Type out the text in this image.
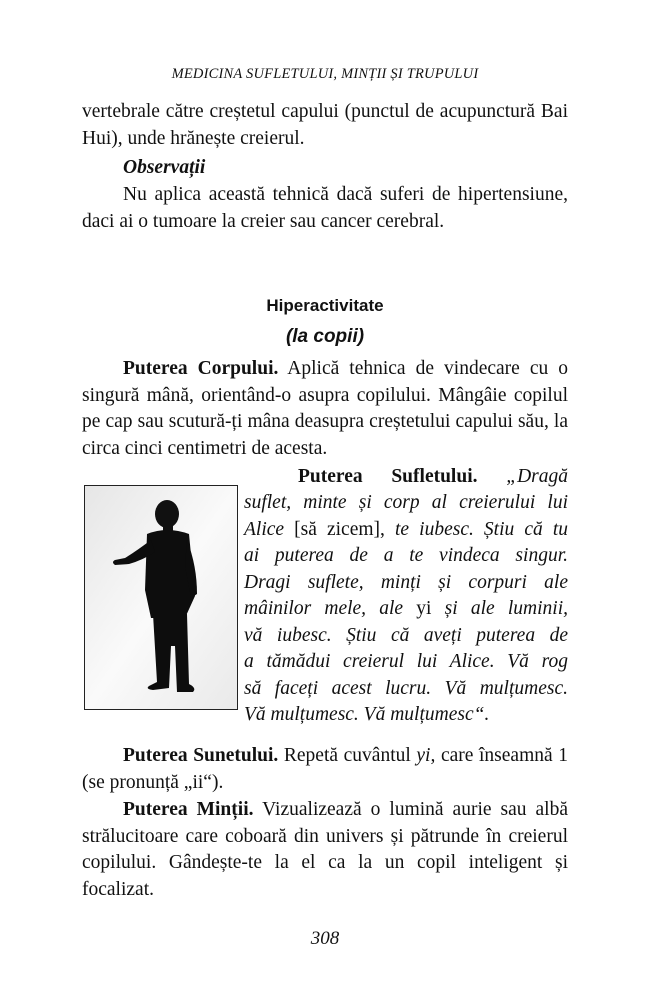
MEDICINA SUFLETULUI, MINȚII ȘI TRUPULUI

vertebrale către creștetul capului (punctul de acupunctură Bai Hui), unde hrănește creierul.

Observații

Nu aplica această tehnică dacă suferi de hipertensiune, daci ai o tumoare la creier sau cancer cerebral.

Hiperactivitate
(la copii)

Puterea Corpului. Aplică tehnica de vindecare cu o singură mână, orientând-o asupra copilului. Mângâie copilul pe cap sau scutură-ți mâna deasupra creștetului capului său, la circa cinci centimetri de acesta.

Puterea Sufletului. „Dragă
suflet, minte și corp al creierului lui
Alice [să zicem], te iubesc. Știu că tu
ai puterea de a te vindeca singur.
Dragi suflete, minți și corpuri ale
mâinilor mele, ale yi și ale luminii,
vă iubesc. Știu că aveți puterea de
a tămădui creierul lui Alice. Vă rog
să faceți acest lucru. Vă mulțumesc.
Vă mulțumesc. Vă mulțumesc“.

Puterea Sunetului. Repetă cuvântul yi, care înseamnă 1 (se pronunță „ii“).

Puterea Minții. Vizualizează o lumină aurie sau albă strălucitoare care coboară din univers și pătrunde în creierul copilului. Gândește-te la el ca la un copil inteligent și focalizat.

308
